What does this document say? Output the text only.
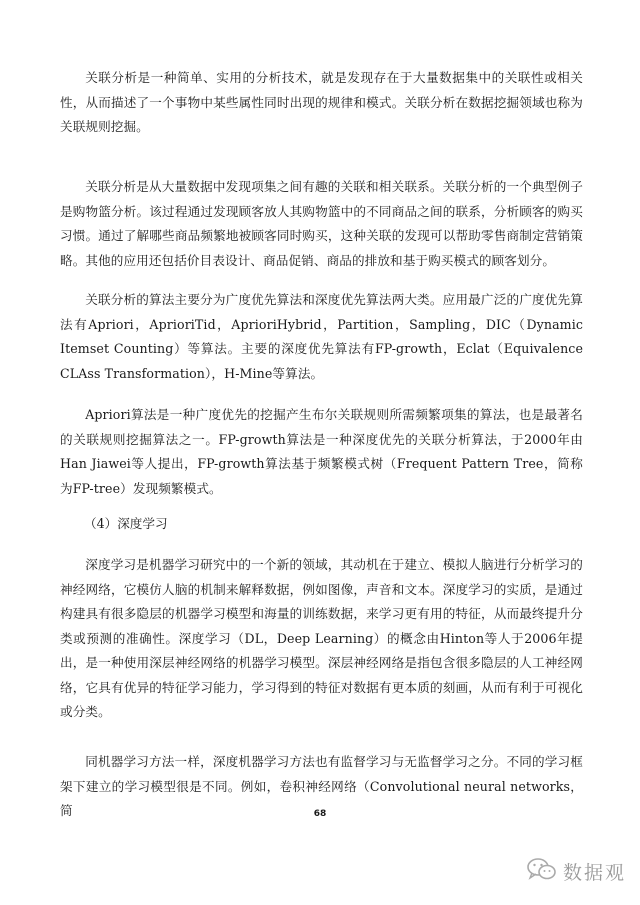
关联分析是一种简单、实用的分析技术，就是发现存在于大量数据集中的关联性或相关性，从而描述了一个事物中某些属性同时出现的规律和模式。关联分析在数据挖掘领域也称为关联规则挖掘。

关联分析是从大量数据中发现项集之间有趣的关联和相关联系。关联分析的一个典型例子是购物篮分析。该过程通过发现顾客放人其购物篮中的不同商品之间的联系，分析顾客的购买习惯。通过了解哪些商品频繁地被顾客同时购买，这种关联的发现可以帮助零售商制定营销策略。其他的应用还包括价目表设计、商品促销、商品的排放和基于购买模式的顾客划分。

关联分析的算法主要分为广度优先算法和深度优先算法两大类。应用最广泛的广度优先算法有Apriori，AprioriTid，AprioriHybrid，Partition，Sampling，DIC（Dynamic Itemset Counting）等算法。主要的深度优先算法有FP-growth，Eclat（Equivalence CLAss Transformation），H-Mine等算法。

Apriori算法是一种广度优先的挖掘产生布尔关联规则所需频繁项集的算法，也是最著名的关联规则挖掘算法之一。FP-growth算法是一种深度优先的关联分析算法，于2000年由Han Jiawei等人提出，FP-growth算法基于频繁模式树（Frequent Pattern Tree，简称为FP-tree）发现频繁模式。

（4）深度学习

深度学习是机器学习研究中的一个新的领域，其动机在于建立、模拟人脑进行分析学习的神经网络，它模仿人脑的机制来解释数据，例如图像，声音和文本。深度学习的实质，是通过构建具有很多隐层的机器学习模型和海量的训练数据，来学习更有用的特征，从而最终提升分类或预测的准确性。深度学习（DL，Deep Learning）的概念由Hinton等人于2006年提出，是一种使用深层神经网络的机器学习模型。深层神经网络是指包含很多隐层的人工神经网络，它具有优异的特征学习能力，学习得到的特征对数据有更本质的刻画，从而有利于可视化或分类。

同机器学习方法一样，深度机器学习方法也有监督学习与无监督学习之分。不同的学习框架下建立的学习模型很是不同。例如，卷积神经网络（Convolutional neural networks，简	68
数据观
